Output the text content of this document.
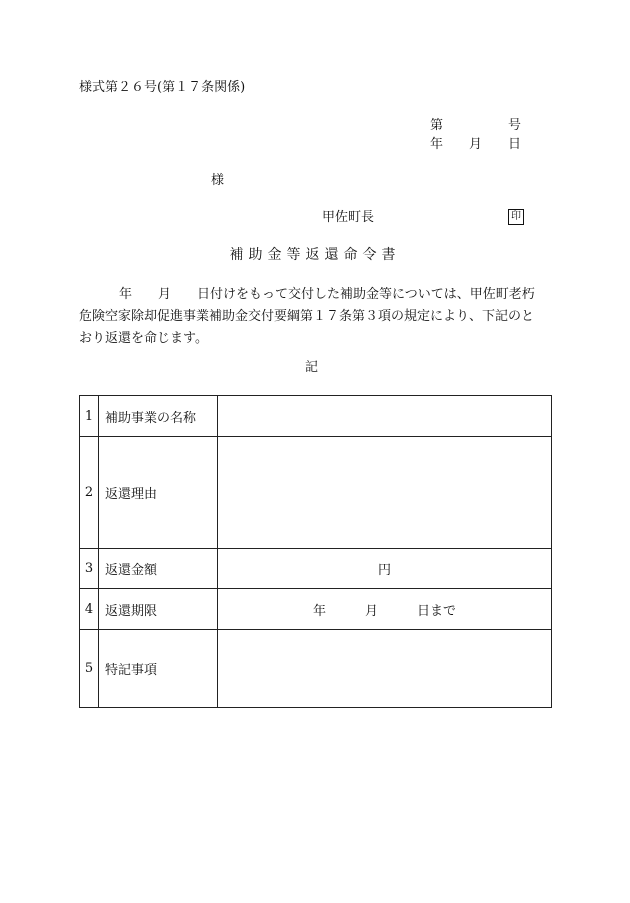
様式第２６号(第１７条関係)
第	号
年 月 日
様
甲佐町長	印
補助金等返還命令書
年　　月　　日付けをもって交付した補助金等については、甲佐町老朽
危険空家除却促進事業補助金交付要綱第１７条第３項の規定により、下記のと
おり返還を命じます。
記
1	補助事業の名称	
2	返還理由	
3	返還金額	円
4	返還期限	年　　　月　　　日まで
5	特記事項	
